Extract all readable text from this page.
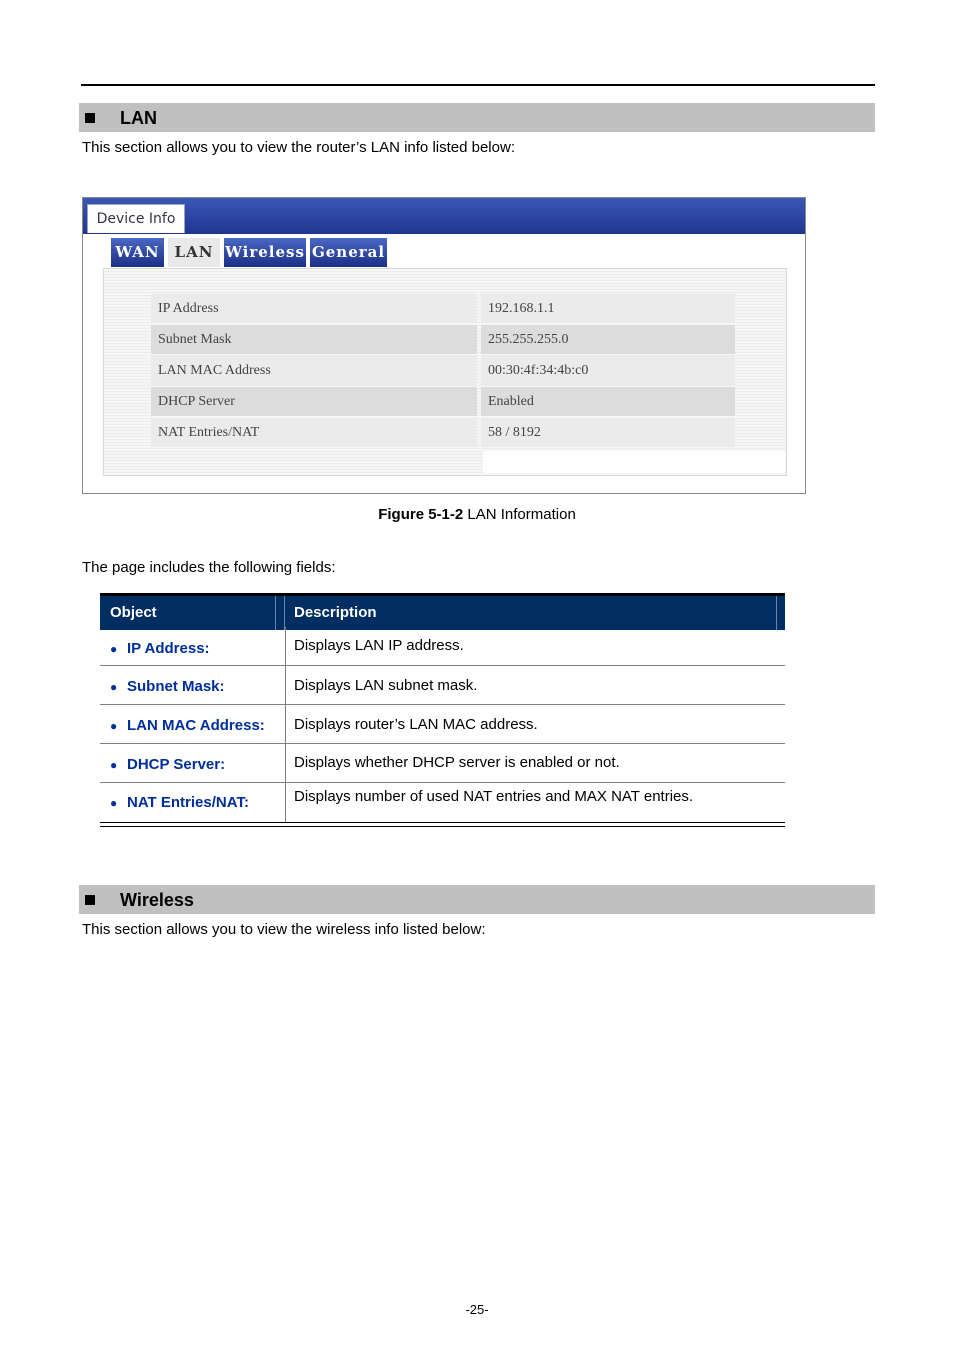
LAN
This section allows you to view the router’s LAN info listed below:
Device Info
WAN LAN Wireless General
IP Address	192.168.1.1
Subnet Mask	255.255.255.0
LAN MAC Address	00:30:4f:34:4b:c0
DHCP Server	Enabled
NAT Entries/NAT	58 / 8192
Figure 5-1-2 LAN Information
The page includes the following fields:
Object	Description
● IP Address:	Displays LAN IP address.
● Subnet Mask:	Displays LAN subnet mask.
● LAN MAC Address: Displays router’s LAN MAC address.
● DHCP Server:	Displays whether DHCP server is enabled or not.
● NAT Entries/NAT:	Displays number of used NAT entries and MAX NAT entries.
Wireless
This section allows you to view the wireless info listed below:
-25-
